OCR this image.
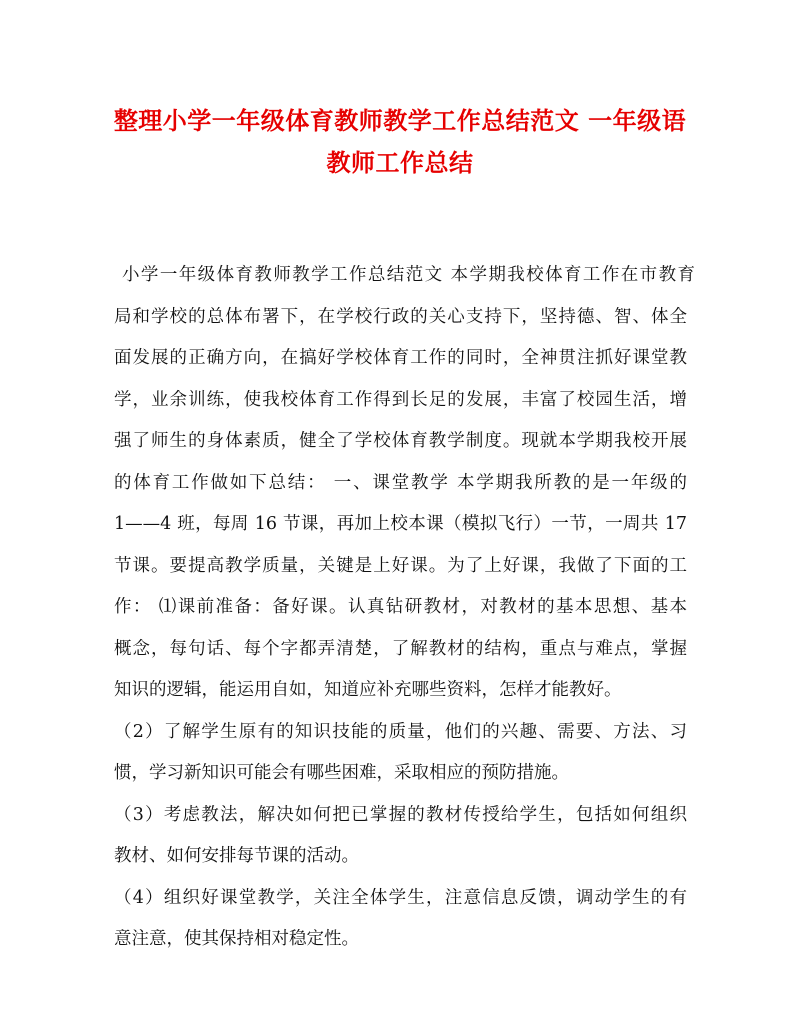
整理小学一年级体育教师教学工作总结范文 一年级语
教师工作总结
小学一年级体育教师教学工作总结范文 本学期我校体育工作在市教育
局和学校的总体布署下，在学校行政的关心支持下，坚持德、智、体全
面发展的正确方向，在搞好学校体育工作的同时，全神贯注抓好课堂教
学，业余训练，使我校体育工作得到长足的发展，丰富了校园生活，增
强了师生的身体素质，健全了学校体育教学制度。现就本学期我校开展
的体育工作做如下总结： 一、课堂教学 本学期我所教的是一年级的
1——4 班，每周 16 节课，再加上校本课（模拟飞行）一节，一周共 17
节课。要提高教学质量，关键是上好课。为了上好课，我做了下面的工
作： ⑴课前准备：备好课。认真钻研教材，对教材的基本思想、基本
概念，每句话、每个字都弄清楚，了解教材的结构，重点与难点，掌握
知识的逻辑，能运用自如，知道应补充哪些资料，怎样才能教好。
（2）了解学生原有的知识技能的质量，他们的兴趣、需要、方法、习
惯，学习新知识可能会有哪些困难，采取相应的预防措施。
（3）考虑教法，解决如何把已掌握的教材传授给学生，包括如何组织
教材、如何安排每节课的活动。
（4）组织好课堂教学，关注全体学生，注意信息反馈，调动学生的有
意注意，使其保持相对稳定性。
